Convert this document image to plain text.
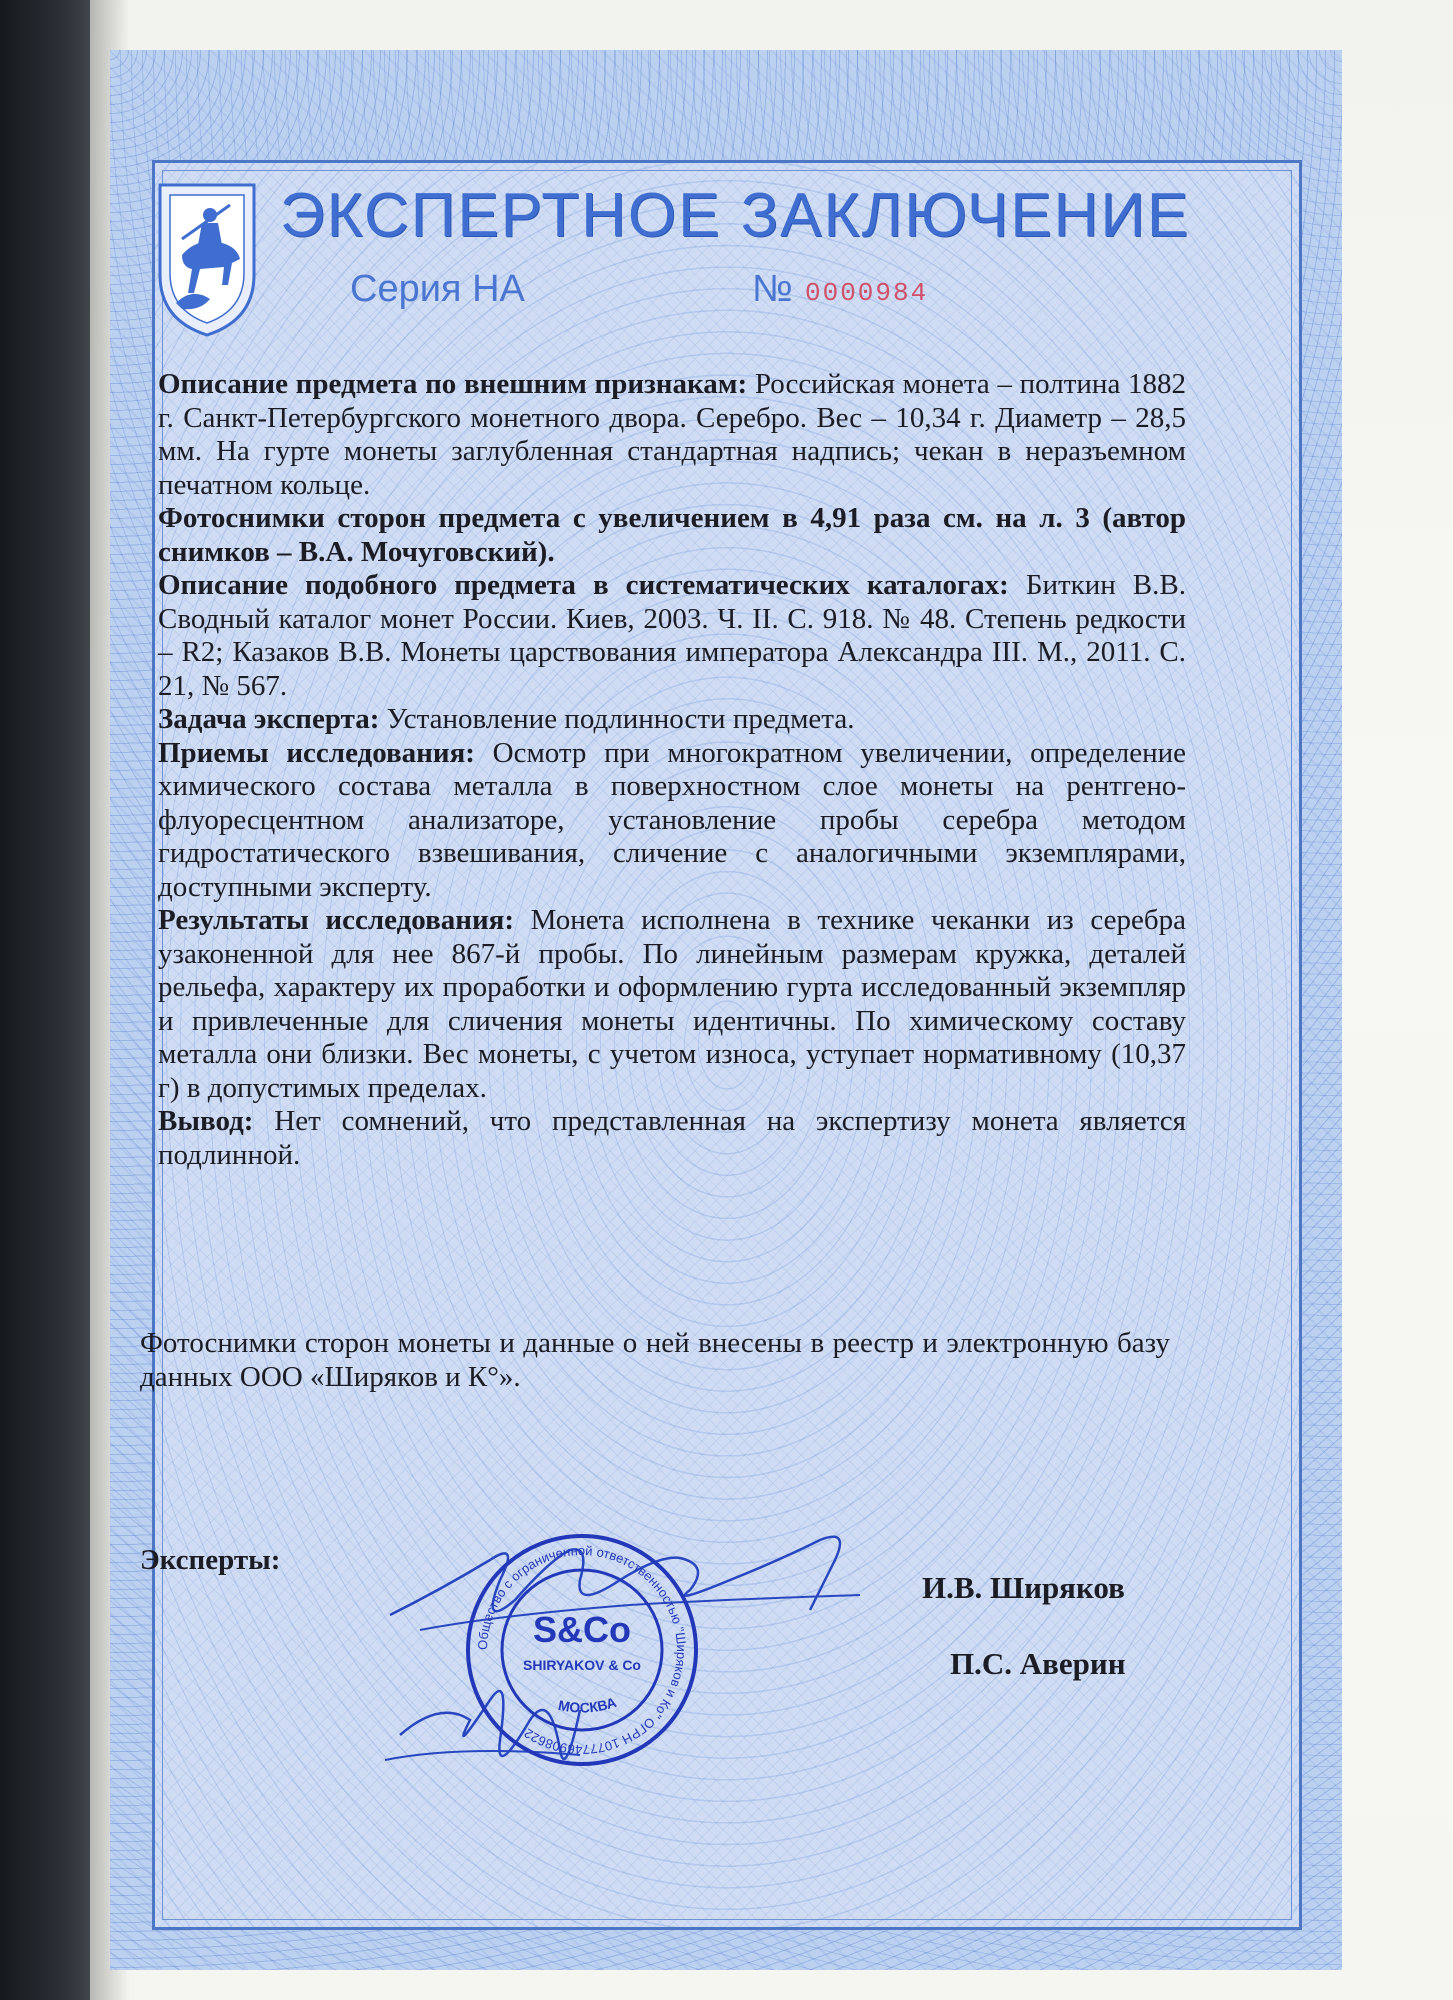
ЭКСПЕРТНОЕ ЗАКЛЮЧЕНИЕ
Серия НА	№ 0000984

Описание предмета по внешним признакам: Российская монета – полтина 1882 г. Санкт-Петербургского монетного двора. Серебро. Вес – 10,34 г. Диаметр – 28,5 мм. На гурте монеты заглубленная стандартная надпись; чекан в неразъемном печатном кольце.

Фотоснимки сторон предмета с увеличением в 4,91 раза см. на л. 3 (автор снимков – В.А. Мочуговский).

Описание подобного предмета в систематических каталогах: Биткин В.В. Сводный каталог монет России. Киев, 2003. Ч. II. С. 918. № 48. Степень редкости – R2; Казаков В.В. Монеты царствования императора Александра III. М., 2011. С. 21, № 567.

Задача эксперта: Установление подлинности предмета.

Приемы исследования: Осмотр при многократном увеличении, определение химического состава металла в поверхностном слое монеты на рентгено-флуоресцентном анализаторе, установление пробы серебра методом гидростатического взвешивания, сличение с аналогичными экземплярами, доступными эксперту.

Результаты исследования: Монета исполнена в технике чеканки из серебра узаконенной для нее 867-й пробы. По линейным размерам кружка, деталей рельефа, характеру их проработки и оформлению гурта исследованный экземпляр и привлеченные для сличения монеты идентичны. По химическому составу металла они близки. Вес монеты, с учетом износа, уступает нормативному (10,37 г) в допустимых пределах.

Вывод: Нет сомнений, что представленная на экспертизу монета является подлинной.

Фотоснимки сторон монеты и данные о ней внесены в реестр и электронную базу данных ООО «Ширяков и К°».
Эксперты:
И.В. Ширяков
П.С. Аверин
Общество с ограниченной ответственностью "Ширяков и Ко" ОГРН 1077746908622
S&Co
SHIRYAKOV & Co
МОСКВА
